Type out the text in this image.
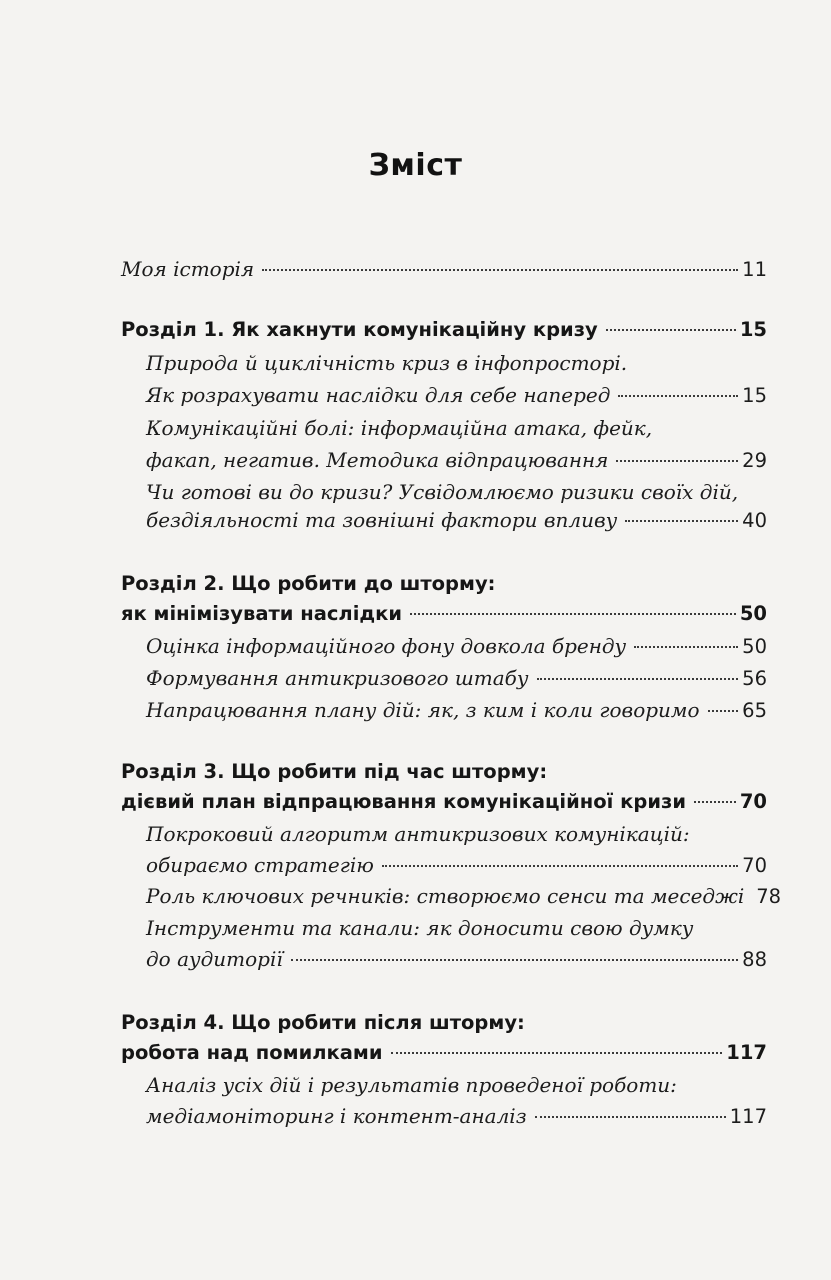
Зміст
Моя історія	11
Розділ 1. Як хакнути комунікаційну кризу	15
Природа й циклічність криз в інфопросторі.
Як розрахувати наслідки для себе наперед	15
Комунікаційні болі: інформаційна атака, фейк,
факап, негатив. Методика відпрацювання	29
Чи готові ви до кризи? Усвідомлюємо ризики своїх дій,
бездіяльності та зовнішні фактори впливу	40
Розділ 2. Що робити до шторму:
як мінімізувати наслідки	50
Оцінка інформаційного фону довкола бренду	50
Формування антикризового штабу	56
Напрацювання плану дій: як, з ким і коли говоримо 65
Розділ 3. Що робити під час шторму:
дієвий план відпрацювання комунікаційної кризи	70
Покроковий алгоритм антикризових комунікацій:
обираємо стратегію	70
Роль ключових речників: створюємо сенси та меседжі 78
Інструменти та канали: як доносити свою думку
до аудиторії	88
Розділ 4. Що робити після шторму:
робота над помилками	117
Аналіз усіх дій і результатів проведеної роботи:
медіамоніторинг і контент-аналіз	117
